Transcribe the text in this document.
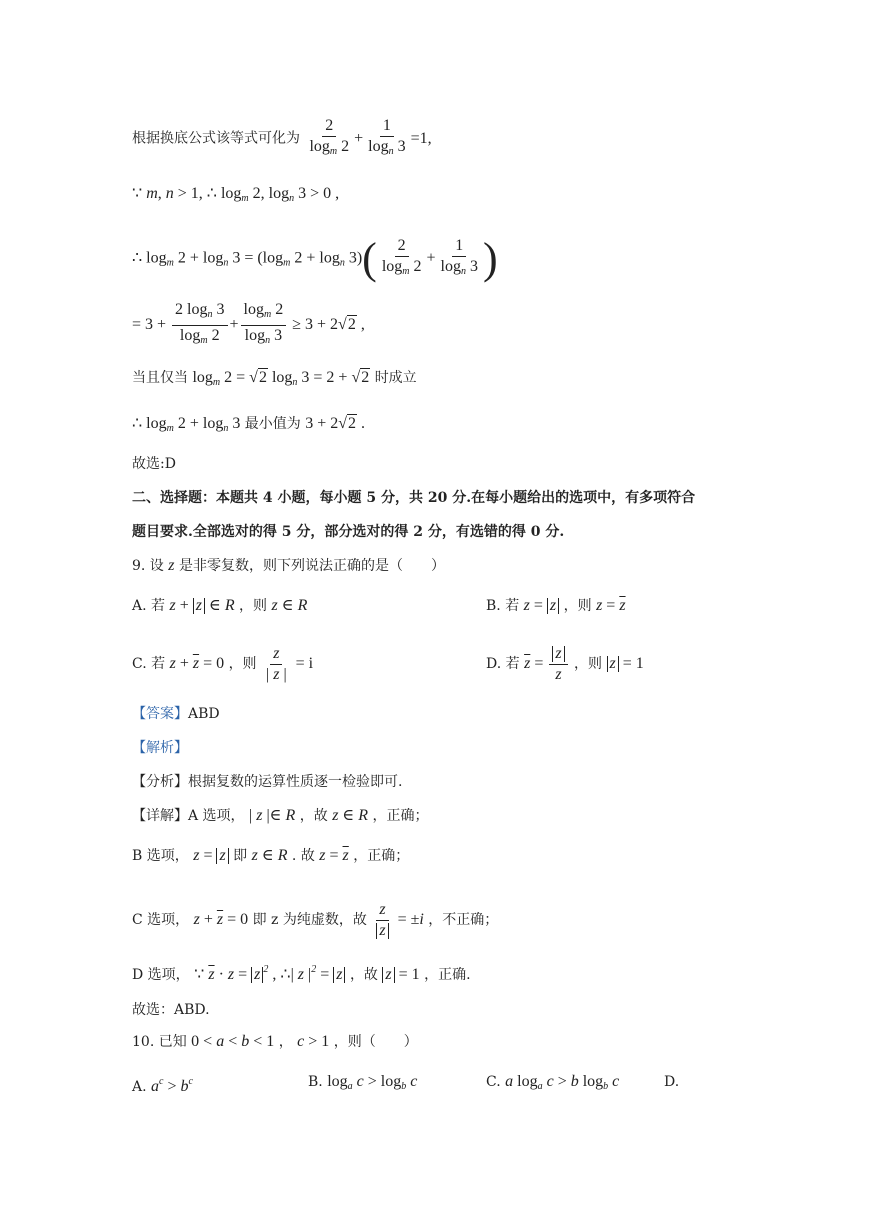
根据换底公式该等式可化为 $\frac{2}{\log_m 2} + \frac{1}{\log_n 3} =1$,
∵ m, n > 1, ∴ $\log_m 2$, $\log_n 3 > 0$ ,
∴ $\log_m 2 + \log_n 3 = (\log_m$ $2 + \log_n 3)( \frac{2}{\log_m 2} + \frac{1}{\log_n 3}$ )
= $3 + \frac{2 \log_n 3}{\log_m 2} + \frac{\log_m 2}{\log_n 3} \ge 3 + 2√2$ ,
当且仅当 $\log_m 2 = √2$ $\log_n 3 = 2 + √2$ 时成立
∴ $\log_m 2 + \log_n 3$ 最小值为 3 + 2√2 .
故选:D
二、选择题：本题共 4 小题，每小题 5 分，共 20 分.在每小题给出的选项中，有多项符合
题目要求.全部选对的得 5 分，部分选对的得 2 分，有选错的得 0 分.
9. 设 z 是非零复数，则下列说法正确的是（　　）
A. 若 z + z ∈ R ，则 z ∈ R	B. 若 z = z ，则 $z = \overline{z}$
C. 若 $z + \overline{z} = 0$ ，则 $\frac{z}{| z |} = i$	D. 若 $\overline{z} = \frac{z}{z}$ ，则 z = 1
【答案】ABD
【解析】
【分析】根据复数的运算性质逐一检验即可.
【详解】A 选项， | z |∈ R ，故 z ∈ R ，正确；
B 选项， z = z 即 z ∈ R . 故 $z = \overline{z}$ ，正确；
C 选项， $z + \overline{z} = 0$ 即 z 为纯虚数，故 $\frac{z}{z} = \pm i$ ，不正确；
D 选项， ∵ $\overline{z} \cdot z = z$ $^2$ , ∴| z $|^2 = z$ ，故 z = 1 ，正确.
故选：ABD.
10. 已知 0 < a < b < 1 ， c > 1 ，则（　　）
A. $a^c > b^c$	B. $\log_a c > \log_b c$	C. a $\log_a c > b$ $\log_b c$	D.
